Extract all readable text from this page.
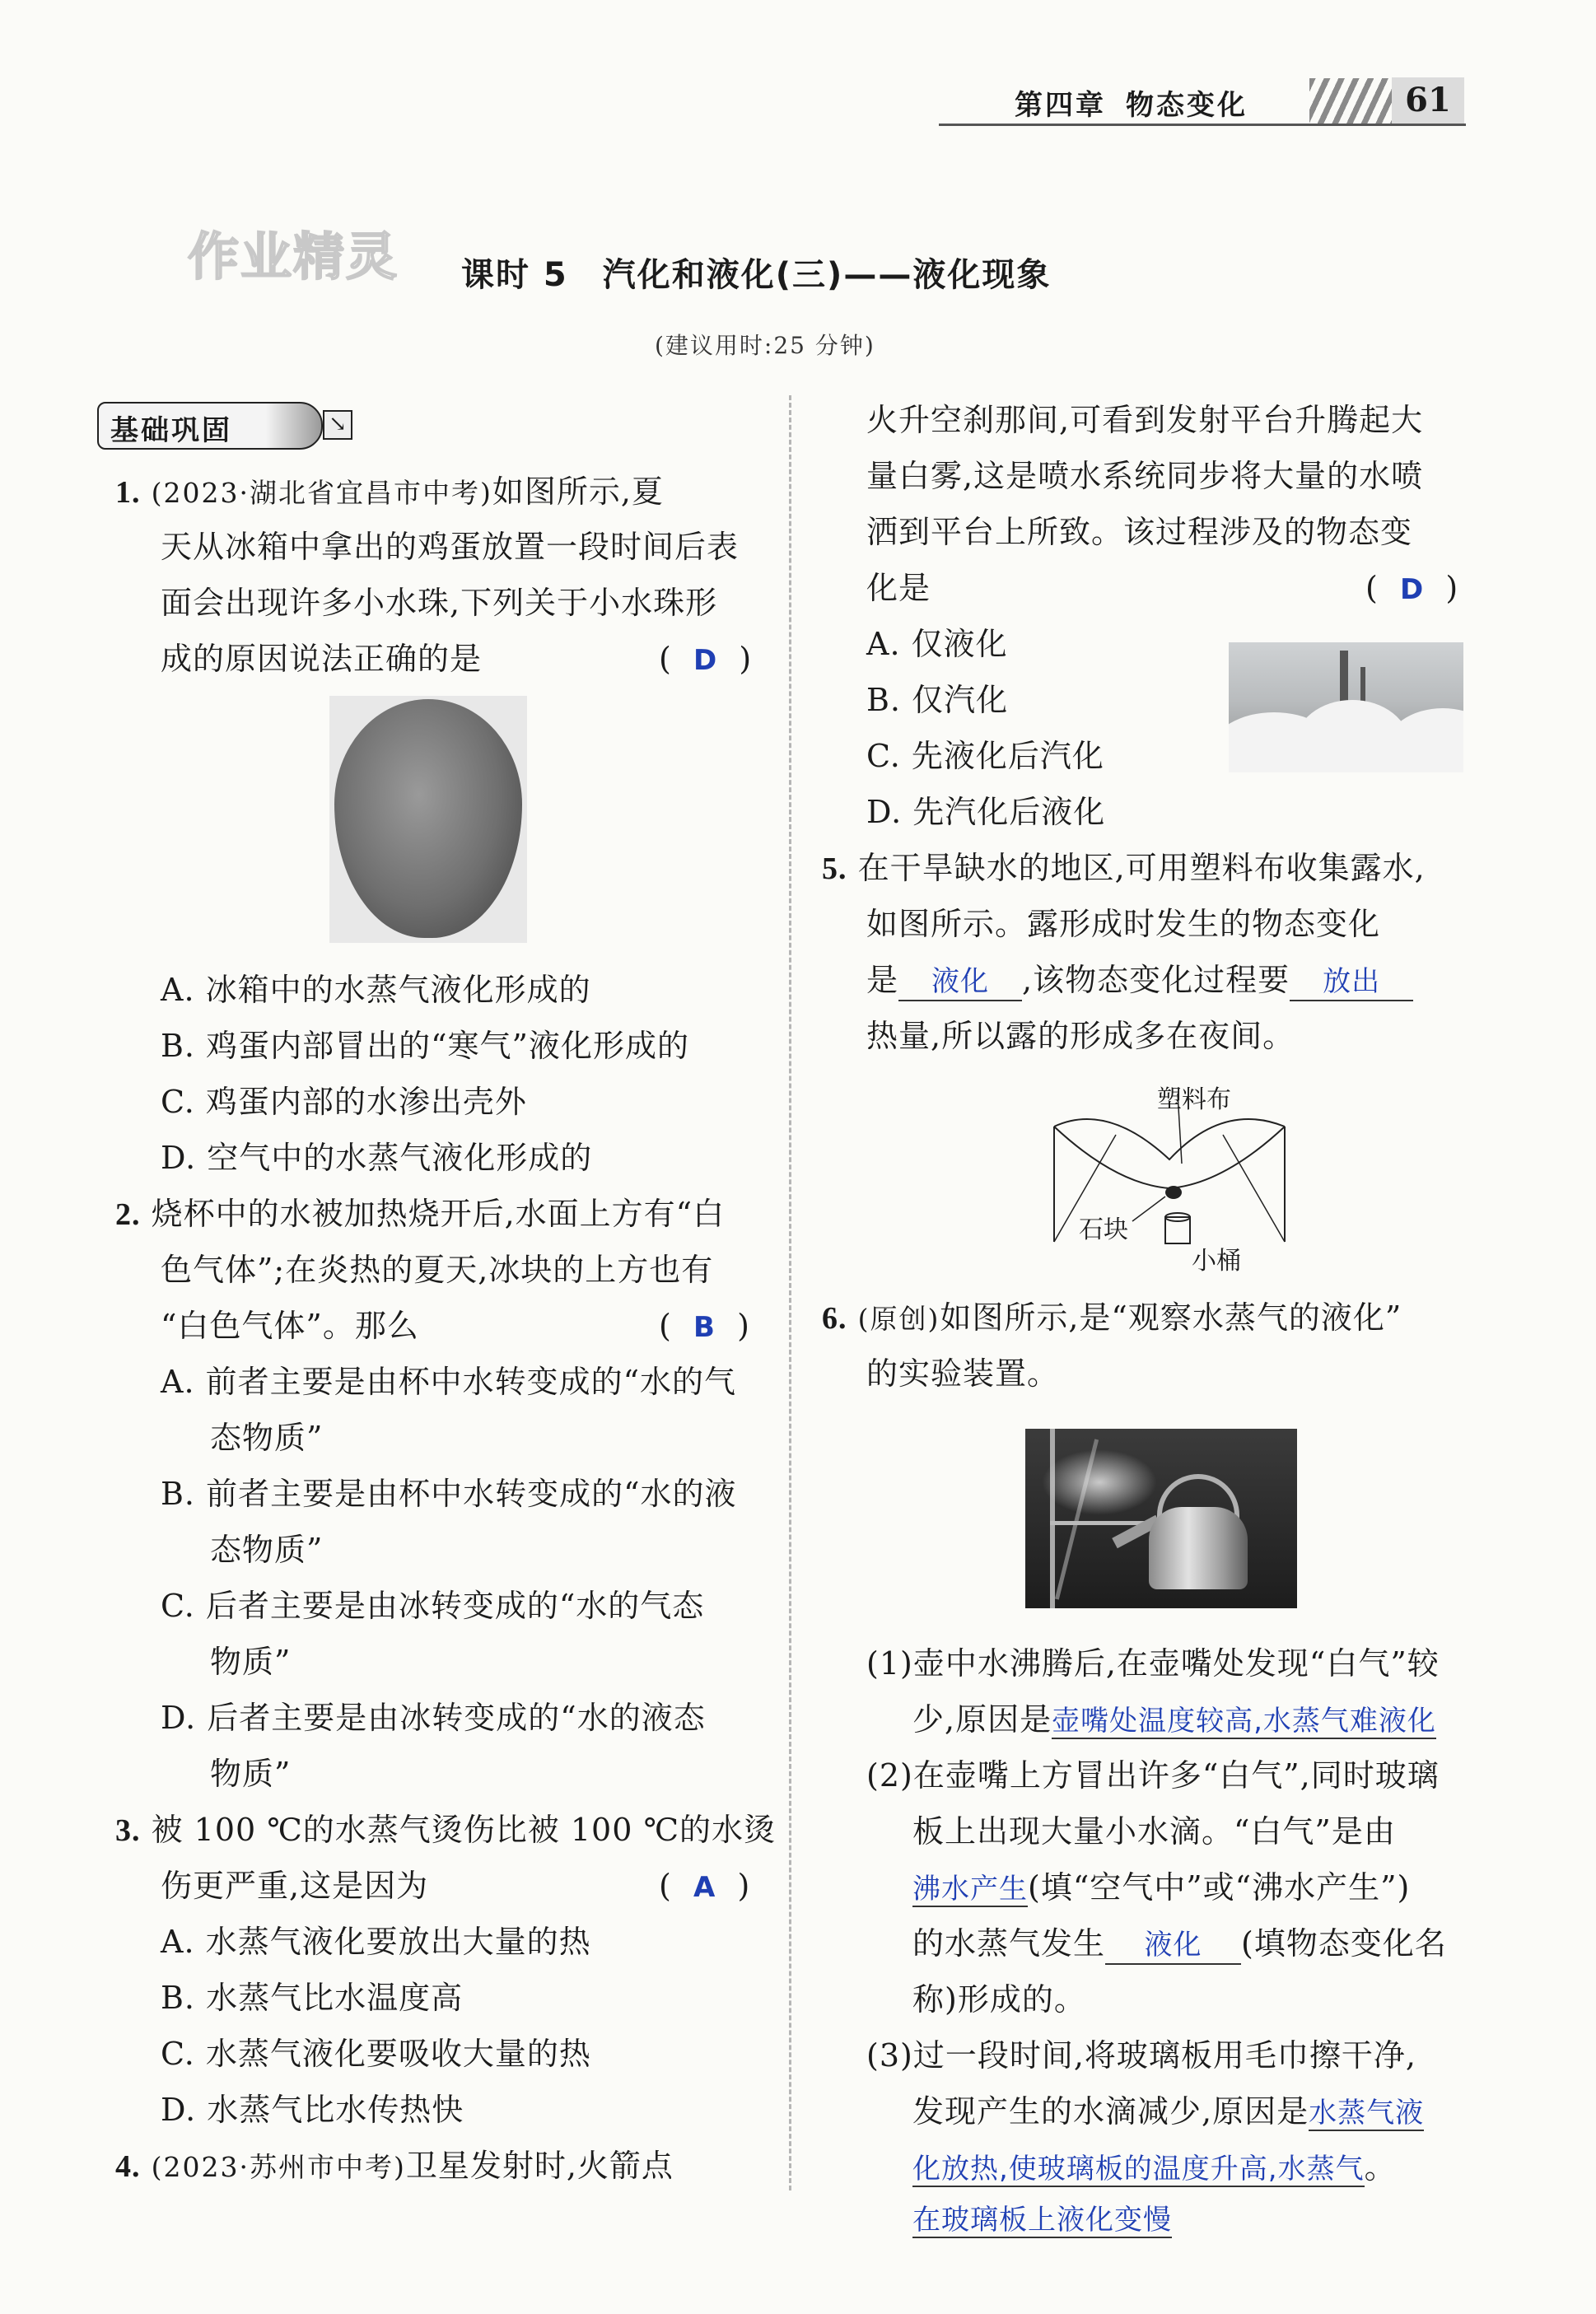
第四章 物态变化	61
作业精灵 课时 5　汽化和液化(三)——液化现象
(建议用时:25 分钟)
基础巩固	↘
1. (2023·湖北省宜昌市中考)如图所示,夏
天从冰箱中拿出的鸡蛋放置一段时间后表
面会出现许多小水珠,下列关于小水珠形
成的原因说法正确的是	(  D  )
A. 冰箱中的水蒸气液化形成的
B. 鸡蛋内部冒出的“寒气”液化形成的
C. 鸡蛋内部的水渗出壳外
D. 空气中的水蒸气液化形成的
2. 烧杯中的水被加热烧开后,水面上方有“白
色气体”;在炎热的夏天,冰块的上方也有
“白色气体”。那么	(  B  )
A. 前者主要是由杯中水转变成的“水的气
态物质”
B. 前者主要是由杯中水转变成的“水的液
态物质”
C. 后者主要是由冰转变成的“水的气态
物质”
D. 后者主要是由冰转变成的“水的液态
物质”
3. 被 100 ℃的水蒸气烫伤比被 100 ℃的水烫
伤更严重,这是因为	(  A  )
A. 水蒸气液化要放出大量的热
B. 水蒸气比水温度高
C. 水蒸气液化要吸收大量的热
D. 水蒸气比水传热快
4. (2023·苏州市中考)卫星发射时,火箭点
火升空刹那间,可看到发射平台升腾起大
量白雾,这是喷水系统同步将大量的水喷
洒到平台上所致。该过程涉及的物态变
化是	(  D  )
A. 仅液化
B. 仅汽化
C. 先液化后汽化
D. 先汽化后液化
5. 在干旱缺水的地区,可用塑料布收集露水,
如图所示。露形成时发生的物态变化
是 液化 ,该物态变化过程要 放出
热量,所以露的形成多在夜间。
塑料布
石块
小桶
6. (原创)如图所示,是“观察水蒸气的液化”
的实验装置。
(1)壶中水沸腾后,在壶嘴处发现“白气”较
少,原因是壶嘴处温度较高,水蒸气难液化
(2)在壶嘴上方冒出许多“白气”,同时玻璃
板上出现大量小水滴。“白气”是由
沸水产生(填“空气中”或“沸水产生”)
的水蒸气发生 液化 (填物态变化名
称)形成的。
(3)过一段时间,将玻璃板用毛巾擦干净,
发现产生的水滴减少,原因是水蒸气液
化放热,使玻璃板的温度升高,水蒸气。
在玻璃板上液化变慢
